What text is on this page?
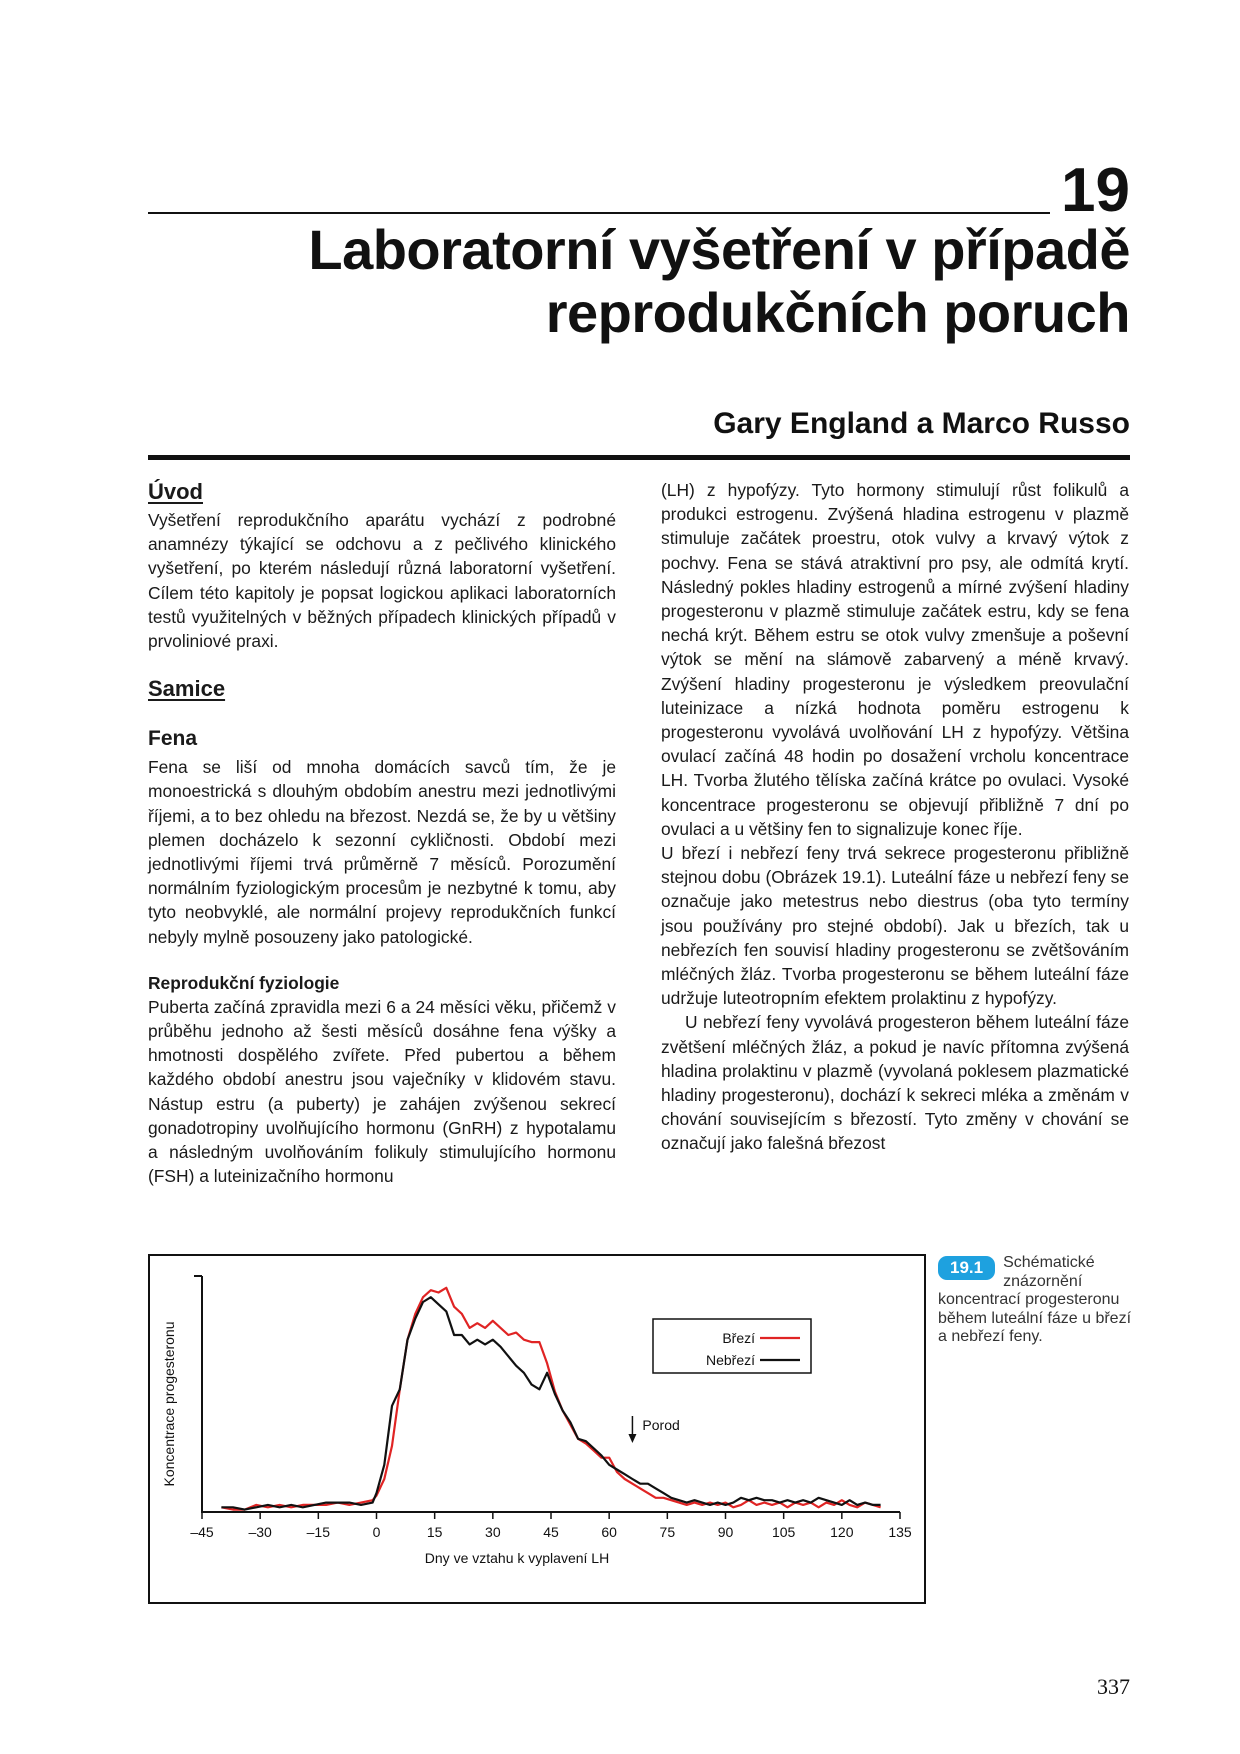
19
Laboratorní vyšetření v případě
reprodukčních poruch
Gary England a Marco Russo
Úvod

Vyšetření reprodukčního aparátu vychází z podrobné anamnézy týkající se odchovu a z pečlivého klinického vyšetření, po kterém následují různá laboratorní vyšetření. Cílem této kapitoly je popsat logickou aplikaci laboratorních testů využitelných v běžných případech klinických případů v prvoliniové praxi.

Samice
Fena

Fena se liší od mnoha domácích savců tím, že je monoestrická s dlouhým obdobím anestru mezi jednotlivými říjemi, a to bez ohledu na březost. Nezdá se, že by u většiny plemen docházelo k sezonní cykličnosti. Období mezi jednotlivými říjemi trvá průměrně 7 měsíců. Porozumění normálním fyziologickým procesům je nezbytné k tomu, aby tyto neobvyklé, ale normální projevy reprodukčních funkcí nebyly mylně posouzeny jako patologické.

Reprodukční fyziologie

Puberta začíná zpravidla mezi 6 a 24 měsíci věku, přičemž v průběhu jednoho až šesti měsíců dosáhne fena výšky a hmotnosti dospělého zvířete. Před pubertou a během každého období anestru jsou vaječníky v klidovém stavu. Nástup estru (a puberty) je zahájen zvýšenou sekrecí gonadotropiny uvolňujícího hormonu (GnRH) z hypotalamu a následným uvolňováním folikuly stimulujícího hormonu (FSH) a luteinizačního hormonu

(LH) z hypofýzy. Tyto hormony stimulují růst folikulů a produkci estrogenu. Zvýšená hladina estrogenu v plazmě stimuluje začátek proestru, otok vulvy a krvavý výtok z pochvy. Fena se stává atraktivní pro psy, ale odmítá krytí. Následný pokles hladiny estrogenů a mírné zvýšení hladiny progesteronu v plazmě stimuluje začátek estru, kdy se fena nechá krýt. Během estru se otok vulvy zmenšuje a poševní výtok se mění na slámově zabarvený a méně krvavý. Zvýšení hladiny progesteronu je výsledkem preovulační luteinizace a nízká hodnota poměru estrogenu k progesteronu vyvolává uvolňování LH z hypofýzy. Většina ovulací začíná 48 hodin po dosažení vrcholu koncentrace LH. Tvorba žlutého tělíska začíná krátce po ovulaci. Vysoké koncentrace progesteronu se objevují přibližně 7 dní po ovulaci a u většiny fen to signalizuje konec říje.

U březí i nebřezí feny trvá sekrece progesteronu přibližně stejnou dobu (Obrázek 19.1). Luteální fáze u nebřezí feny se označuje jako metestrus nebo diestrus (oba tyto termíny jsou používány pro stejné období). Jak u březích, tak u nebřezích fen souvisí hladiny progesteronu se zvětšováním mléčných žláz. Tvorba progesteronu se během luteální fáze udržuje luteotropním efektem prolaktinu z hypofýzy.

U nebřezí feny vyvolává progesteron během luteální fáze zvětšení mléčných žláz, a pokud je navíc přítomna zvýšená hladina prolaktinu v plazmě (vyvolaná poklesem plazmatické hladiny progesteronu), dochází k sekreci mléka a změnám v chování souvisejícím s březostí. Tyto změny v chování se označují jako falešná březost

–45 –30 –15	0	15	30	45	60	75	90	105 120 135
Dny ve vztahu k vyplavení LH
Koncentrace progesteronu	Březí
Nebřezí
Porod
19.1	Schématické znázornění koncentrací progesteronu během luteální fáze u březí a nebřezí feny.
337
